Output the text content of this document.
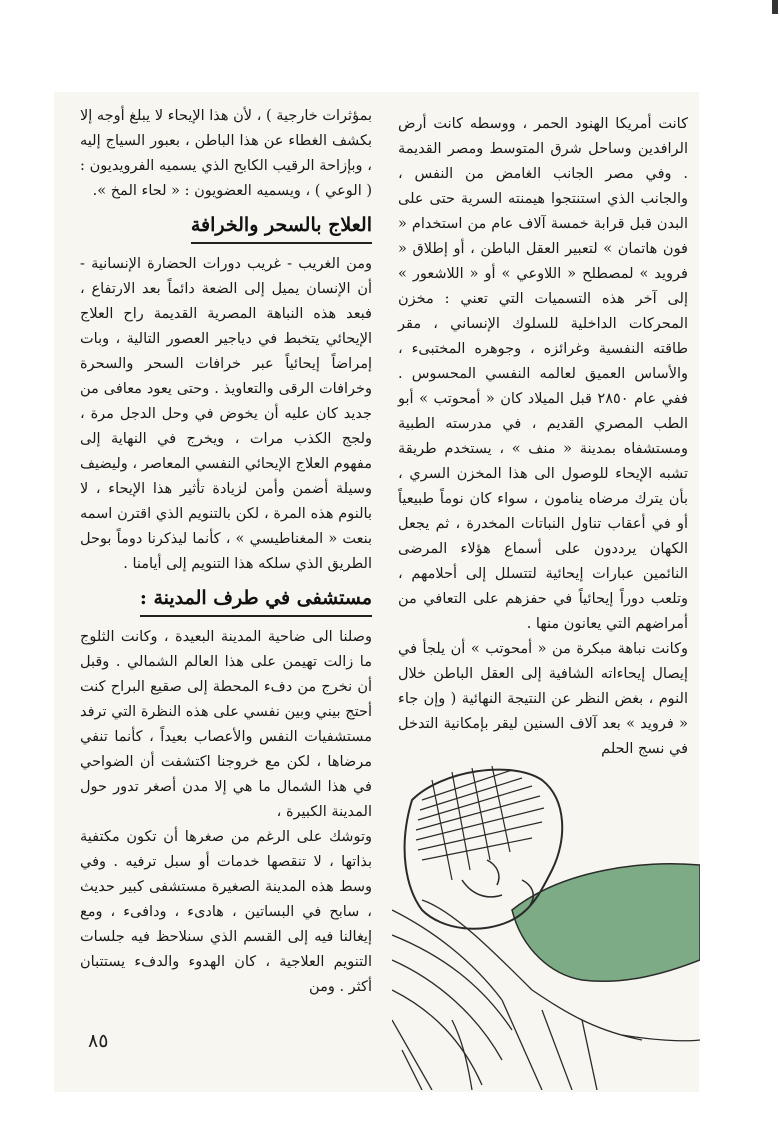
بمؤثرات خارجية ) ، لأن هذا الإيحاء لا يبلغ أوجه إلا بكشف الغطاء عن هذا الباطن ، بعبور السياج إليه ، وبإزاحة الرقيب الكابح الذي يسميه الفرويديون : ( الوعي ) ، ويسميه العضويون : « لحاء المخ ».

العلاج بالسحر والخرافة

ومن الغريب - غريب دورات الحضارة الإنسانية - أن الإنسان يميل إلى الضعة دائماً بعد الارتفاع ، فبعد هذه النباهة المصرية القديمة راح العلاج الإيحائي يتخبط في دياجير العصور التالية ، وبات إمراضاً إيحائياً عبر خرافات السحر والسحرة وخرافات الرقى والتعاويذ . وحتى يعود معافى من جديد كان عليه أن يخوض في وحل الدجل مرة ، ولجج الكذب مرات ، ويخرج في النهاية إلى مفهوم العلاج الإيحائي النفسي المعاصر ، وليضيف وسيلة أضمن وأمن لزيادة تأثير هذا الإيحاء ، لا بالنوم هذه المرة ، لكن بالتنويم الذي اقترن اسمه بنعت « المغناطيسي » ، كأنما ليذكرنا دوماً بوحل الطريق الذي سلكه هذا التنويم إلى أيامنا .

مستشفى في طرف المدينة :

وصلنا الى ضاحية المدينة البعيدة ، وكانت الثلوج ما زالت تهيمن على هذا العالم الشمالي . وقبل أن نخرج من دفء المحطة إلى صقيع البراح كنت أحتج بيني وبين نفسي على هذه النظرة التي ترفد مستشفيات النفس والأعصاب بعيداً ، كأنما تنفي مرضاها ، لكن مع خروجنا اكتشفت أن الضواحي في هذا الشمال ما هي إلا مدن أصغر تدور حول المدينة الكبيرة ،

وتوشك على الرغم من صغرها أن تكون مكتفية بذاتها ، لا تنقصها خدمات أو سبل ترفيه . وفي وسط هذه المدينة الصغيرة مستشفى كبير حديث ، سابح في البساتين ، هادىء ، ودافىء ، ومع إيغالنا فيه إلى القسم الذي سنلاحظ فيه جلسات التنويم العلاجية ، كان الهدوء والدفء يستتبان أكثر . ومن

كانت أمريكا الهنود الحمر ، ووسطه كانت أرض الرافدين وساحل شرق المتوسط ومصر القديمة . وفي مصر الجانب الغامض من النفس ، والجانب الذي استنتجوا هيمنته السرية حتى على البدن قبل قرابة خمسة آلاف عام من استخدام « فون هاتمان » لتعبير العقل الباطن ، أو إطلاق « فرويد » لمصطلح « اللاوعي » أو « اللاشعور » إلى آخر هذه التسميات التي تعني : مخزن المحركات الداخلية للسلوك الإنساني ، مقر طاقته النفسية وغرائزه ، وجوهره المختبىء ، والأساس العميق لعالمه النفسي المحسوس . ففي عام ٢٨٥٠ قبل الميلاد كان « أمحوتب » أبو الطب المصري القديم ، في مدرسته الطبية ومستشفاه بمدينة « منف » ، يستخدم طريقة تشبه الإيحاء للوصول الى هذا المخزن السري ، بأن يترك مرضاه ينامون ، سواء كان نوماً طبيعياً أو في أعقاب تناول النباتات المخدرة ، ثم يجعل الكهان يرددون على أسماع هؤلاء المرضى النائمين عبارات إيحائية لتتسلل إلى أحلامهم ، وتلعب دوراً إيحائياً في حفزهم على التعافي من أمراضهم التي يعانون منها .

وكانت نباهة مبكرة من « أمحوتب » أن يلجأ في إيصال إيحاءاته الشافية إلى العقل الباطن خلال النوم ، بغض النظر عن النتيجة النهائية ( وإن جاء « فرويد » بعد آلاف السنين ليقر بإمكانية التدخل في نسج الحلم

٨٥
